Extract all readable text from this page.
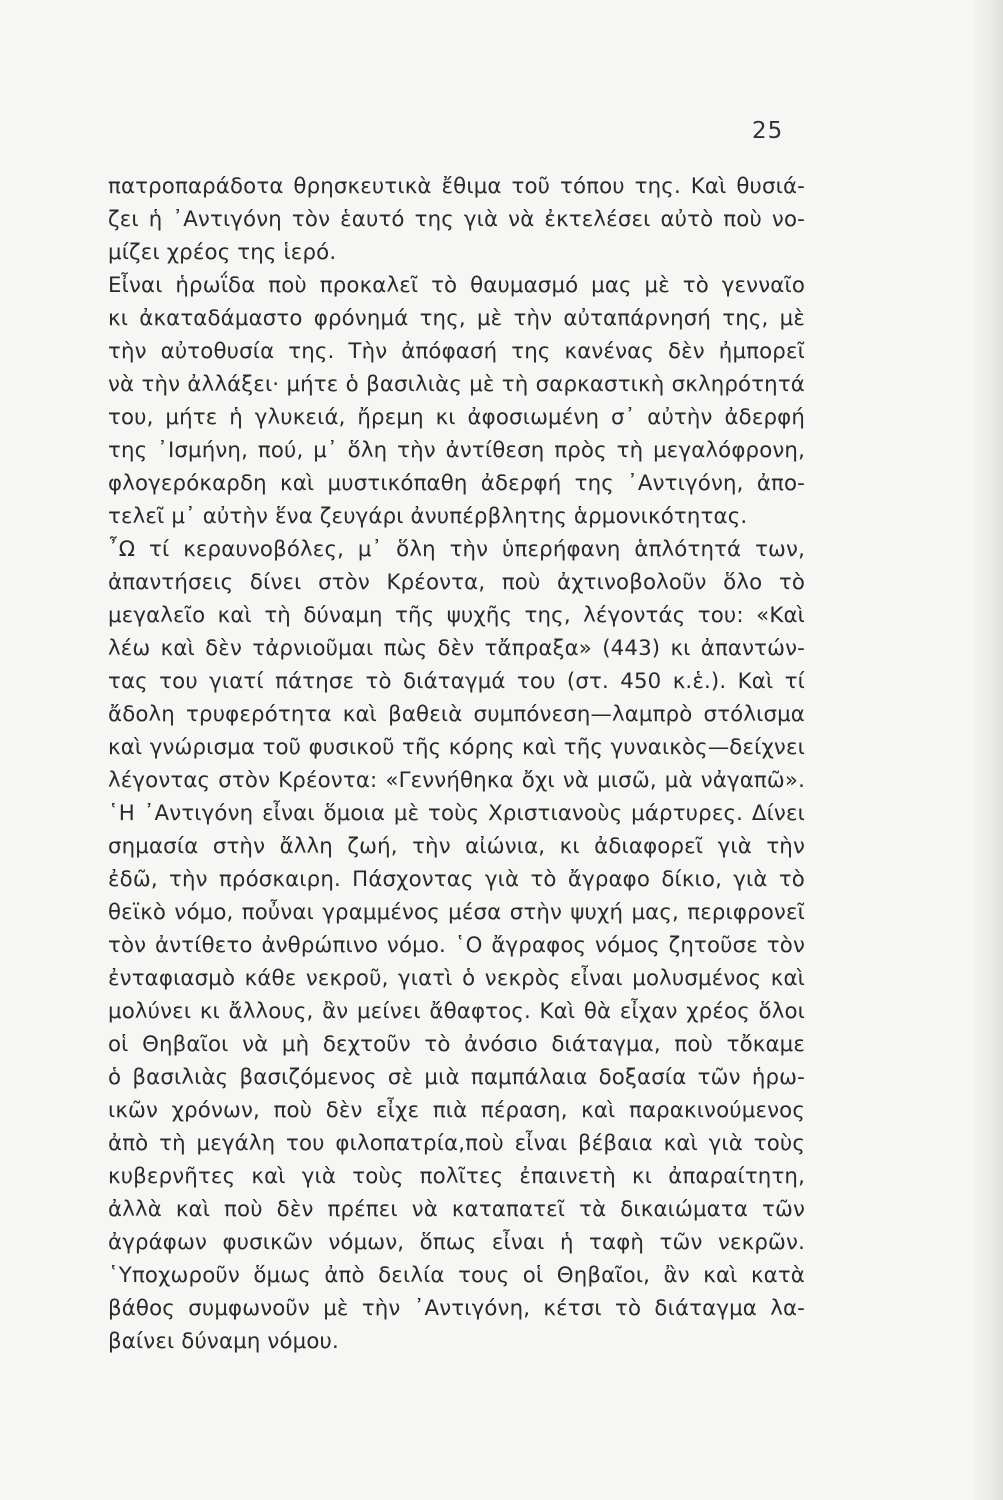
25
πατροπαράδοτα θρησκευτικὰ ἔθιμα τοῦ τόπου της. Καὶ θυσιά-
ζει ἡ ᾿Αντιγόνη τὸν ἑαυτό της γιὰ νὰ ἐκτελέσει αὐτὸ ποὺ νο-
μίζει χρέος της ἱερό.
Εἶναι ἡρωΐδα ποὺ προκαλεῖ τὸ θαυμασμό μας μὲ τὸ γενναῖο
κι ἀκαταδάμαστο φρόνημά της, μὲ τὴν αὐταπάρνησή της, μὲ
τὴν αὐτοθυσία της. Τὴν ἀπόφασή της κανένας δὲν ἠμπορεῖ
νὰ τὴν ἀλλάξει· μήτε ὁ βασιλιὰς μὲ τὴ σαρκαστικὴ σκληρότητά
του, μήτε ἡ γλυκειά, ἤρεμη κι ἀφοσιωμένη σ᾿ αὐτὴν ἀδερφή
της ᾿Ισμήνη, πού, μ᾿ ὅλη τὴν ἀντίθεση πρὸς τὴ μεγαλόφρονη,
φλογερόκαρδη καὶ μυστικόπαθη ἀδερφή της ᾿Αντιγόνη, ἀπο-
τελεῖ μ᾿ αὐτὴν ἕνα ζευγάρι ἀνυπέρβλητης ἁρμονικότητας.
῏Ω τί κεραυνοβόλες, μ᾿ ὅλη τὴν ὑπερήφανη ἁπλότητά των,
ἀπαντήσεις δίνει στὸν Κρέοντα, ποὺ ἀχτινοβολοῦν ὅλο τὸ
μεγαλεῖο καὶ τὴ δύναμη τῆς ψυχῆς της, λέγοντάς του: «Καὶ
λέω καὶ δὲν τἀρνιοῦμαι πὼς δὲν τἄπραξα» (443) κι ἀπαντών-
τας του γιατί πάτησε τὸ διάταγμά του (στ. 450 κ.ἑ.). Καὶ τί
ἄδολη τρυφερότητα καὶ βαθειὰ συμπόνεση—λαμπρὸ στόλισμα
καὶ γνώρισμα τοῦ φυσικοῦ τῆς κόρης καὶ τῆς γυναικὸς—δείχνει
λέγοντας στὸν Κρέοντα: «Γεννήθηκα ὄχι νὰ μισῶ, μὰ νἀγαπῶ».
῾Η ᾿Αντιγόνη εἶναι ὅμοια μὲ τοὺς Χριστιανοὺς μάρτυρες. Δίνει
σημασία στὴν ἄλλη ζωή, τὴν αἰώνια, κι ἀδιαφορεῖ γιὰ τὴν
ἐδῶ, τὴν πρόσκαιρη. Πάσχοντας γιὰ τὸ ἄγραφο δίκιο, γιὰ τὸ
θεϊκὸ νόμο, ποὖναι γραμμένος μέσα στὴν ψυχή μας, περιφρονεῖ
τὸν ἀντίθετο ἀνθρώπινο νόμο. ῾Ο ἄγραφος νόμος ζητοῦσε τὸν
ἐνταφιασμὸ κάθε νεκροῦ, γιατὶ ὁ νεκρὸς εἶναι μολυσμένος καὶ
μολύνει κι ἄλλους, ἂν μείνει ἄθαφτος. Καὶ θὰ εἶχαν χρέος ὅλοι
οἱ Θηβαῖοι νὰ μὴ δεχτοῦν τὸ ἀνόσιο διάταγμα, ποὺ τὄκαμε
ὁ βασιλιὰς βασιζόμενος σὲ μιὰ παμπάλαια δοξασία τῶν ἡρω-
ικῶν χρόνων, ποὺ δὲν εἶχε πιὰ πέραση, καὶ παρακινούμενος
ἀπὸ τὴ μεγάλη του φιλοπατρία,ποὺ εἶναι βέβαια καὶ γιὰ τοὺς
κυβερνῆτες καὶ γιὰ τοὺς πολῖτες ἐπαινετὴ κι ἀπαραίτητη,
ἀλλὰ καὶ ποὺ δὲν πρέπει νὰ καταπατεῖ τὰ δικαιώματα τῶν
ἀγράφων φυσικῶν νόμων, ὅπως εἶναι ἡ ταφὴ τῶν νεκρῶν.
῾Υποχωροῦν ὅμως ἀπὸ δειλία τους οἱ Θηβαῖοι, ἂν καὶ κατὰ
βάθος συμφωνοῦν μὲ τὴν ᾿Αντιγόνη, κέτσι τὸ διάταγμα λα-
βαίνει δύναμη νόμου.
